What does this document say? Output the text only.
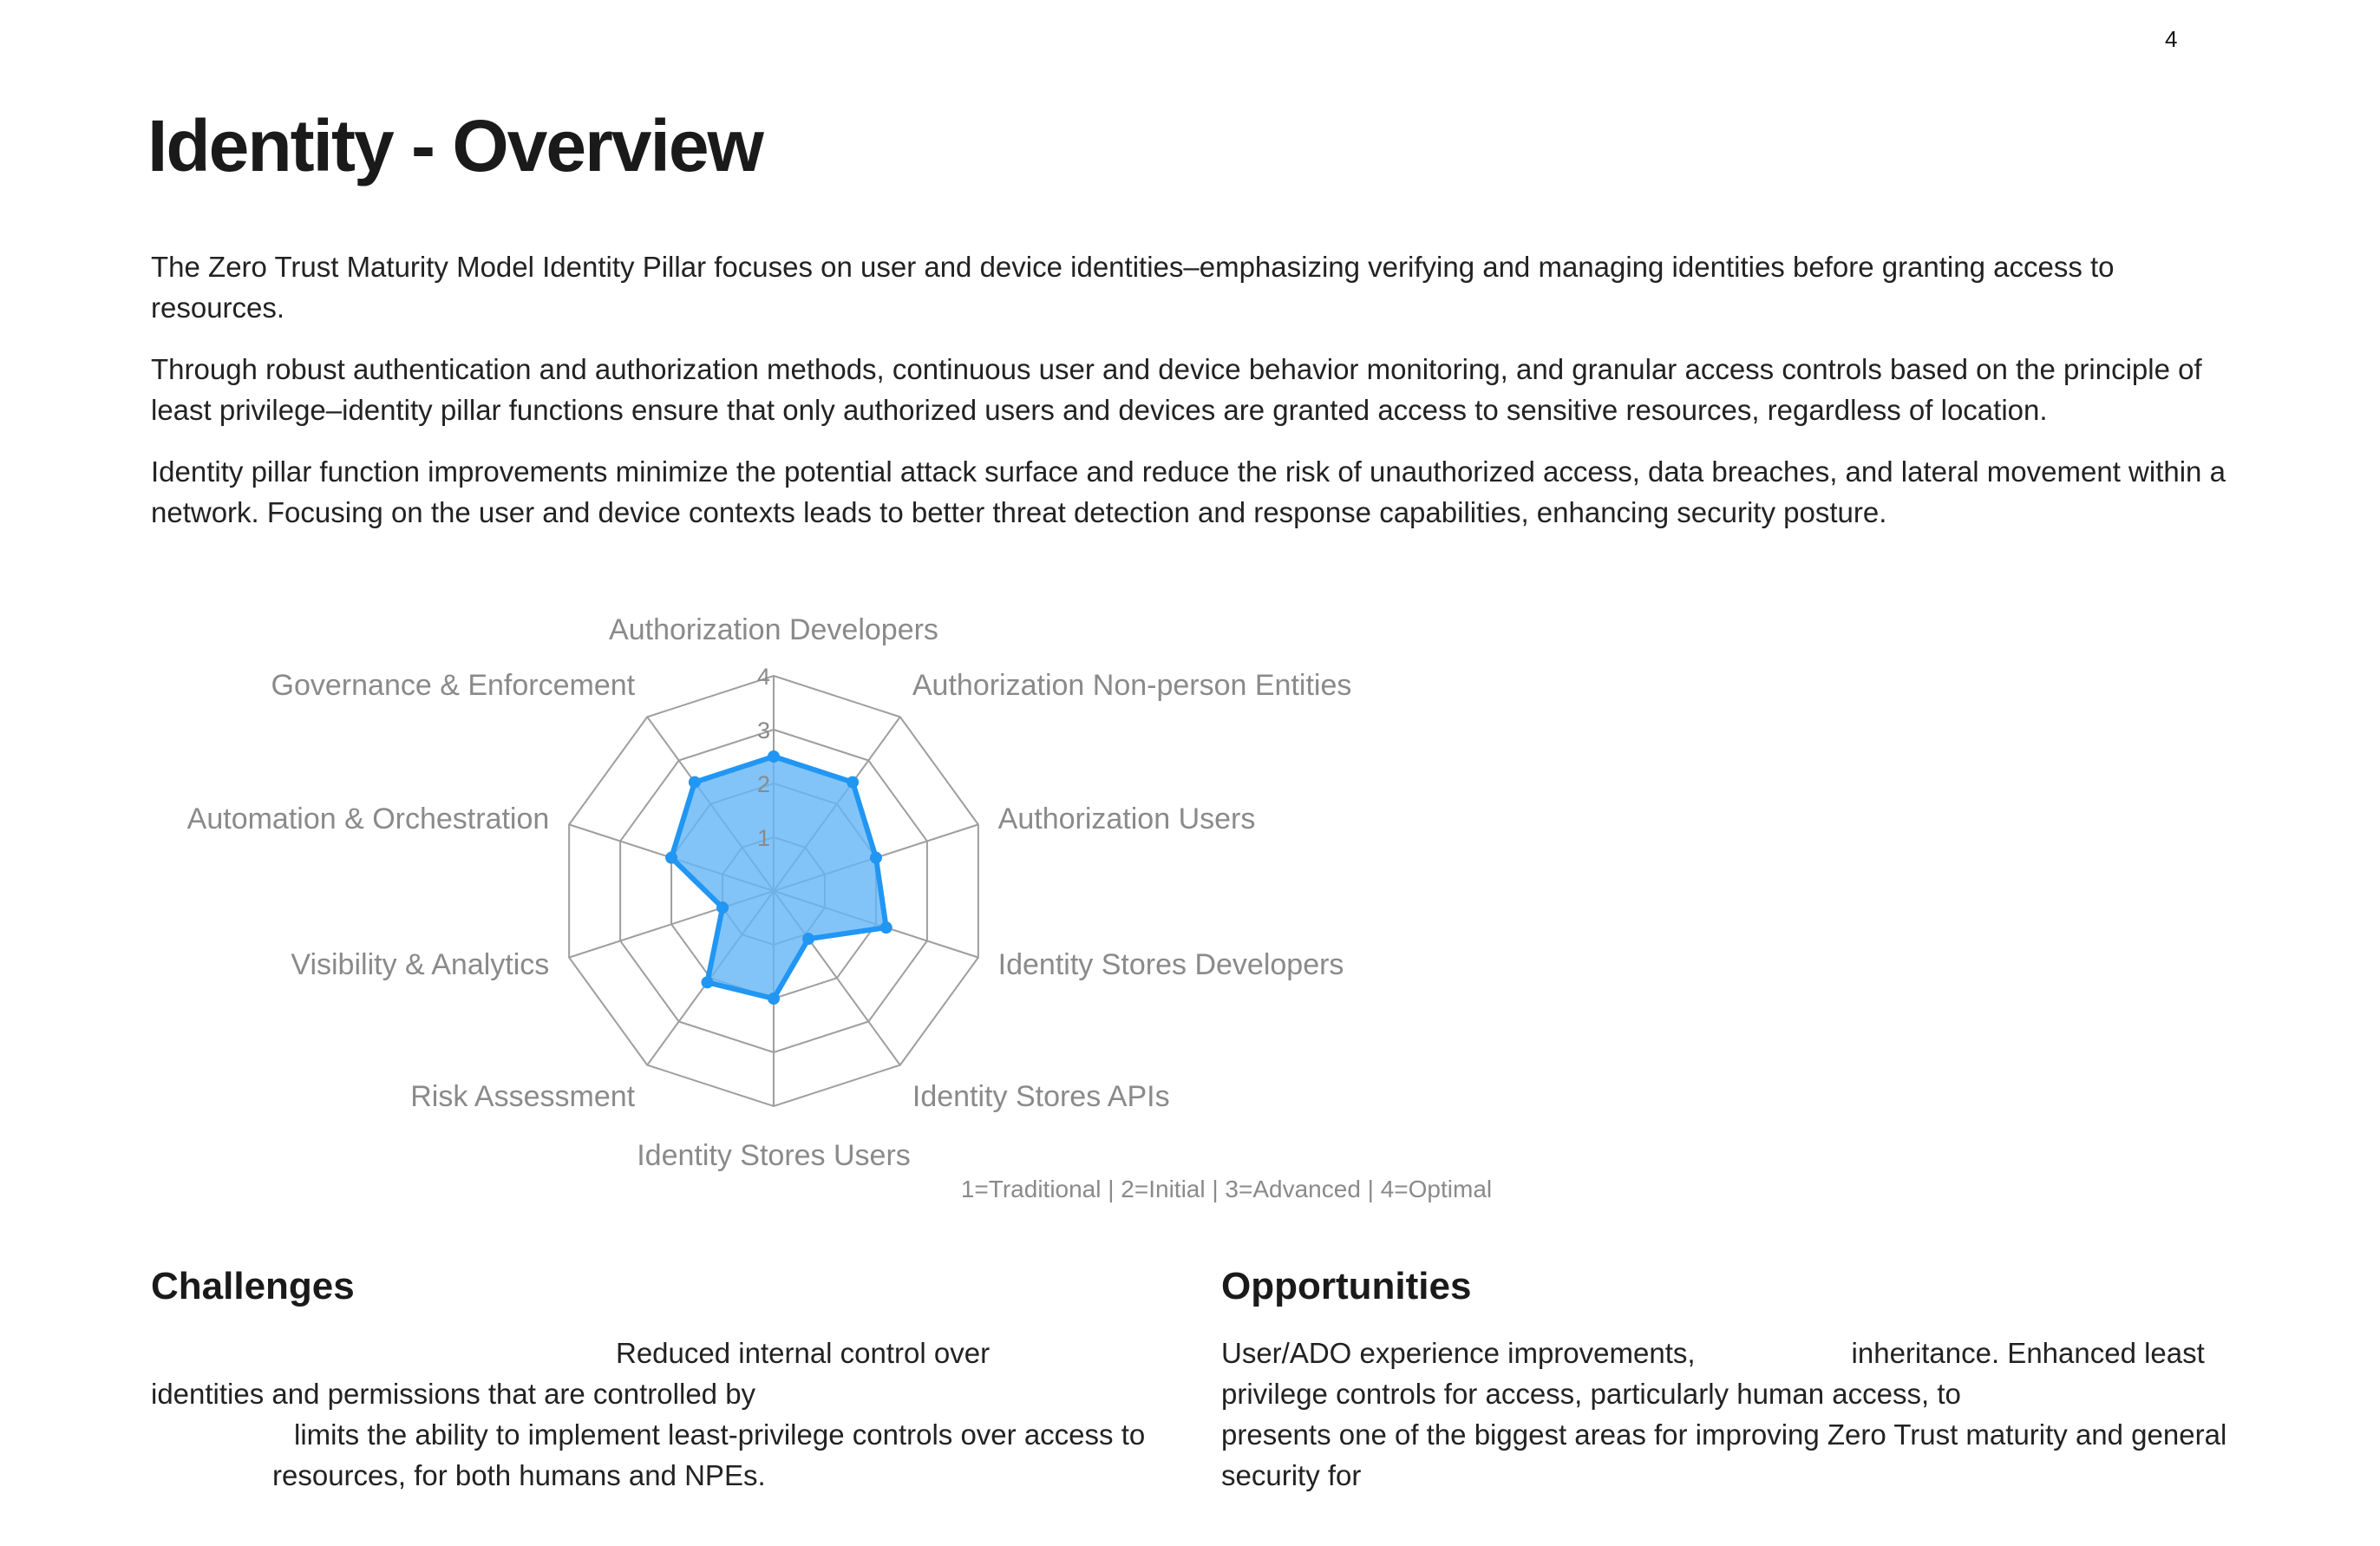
4
Identity - Overview

The Zero Trust Maturity Model Identity Pillar focuses on user and device identities–emphasizing verifying and managing identities before granting access to resources.

Through robust authentication and authorization methods, continuous user and device behavior monitoring, and granular access controls based on the principle of least privilege–identity pillar functions ensure that only authorized users and devices are granted access to sensitive resources, regardless of location.

Identity pillar function improvements minimize the potential attack surface and reduce the risk of unauthorized access, data breaches, and lateral movement within a network. Focusing on the user and device contexts leads to better threat detection and response capabilities, enhancing security posture.

1
2
3
4
Authorization Developers
Authorization Non-person Entities
Authorization Users
Identity Stores Developers
Identity Stores APIs
Identity Stores Users
Risk Assessment
Visibility & Analytics
Automation & Orchestration
Governance & Enforcement
1=Traditional | 2=Initial | 3=Advanced | 4=Optimal
Challenges
Reduced internal control over
identities and permissions that are controlled by
limits the ability to implement least-privilege controls over access to
resources, for both humans and NPEs.
Opportunities
User/ADO experience improvements,	inheritance. Enhanced least
privilege controls for access, particularly human access, to
presents one of the biggest areas for improving Zero Trust maturity and general
security for
